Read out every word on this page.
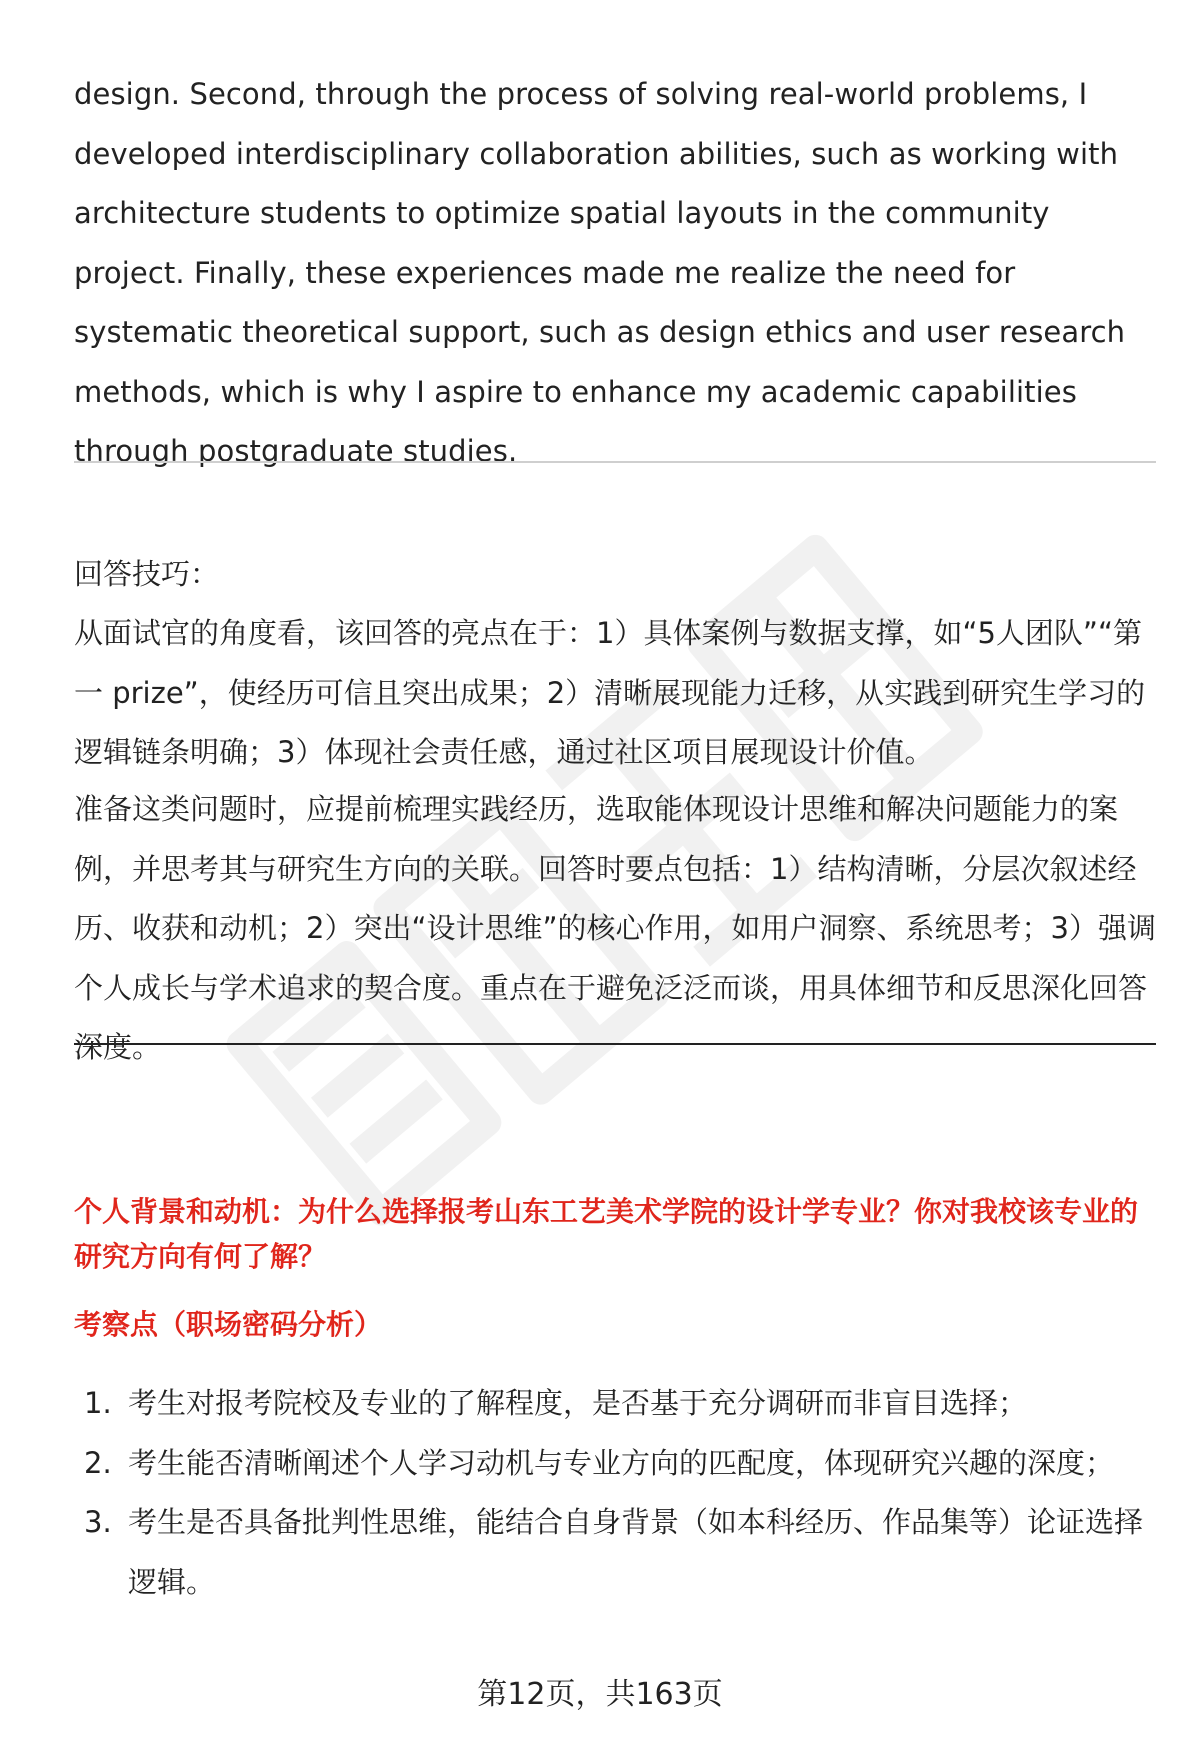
design. Second, through the process of solving real-world problems, I developed interdisciplinary collaboration abilities, such as working with architecture students to optimize spatial layouts in the community project. Finally, these experiences made me realize the need for systematic theoretical support, such as design ethics and user research methods, which is why I aspire to enhance my academic capabilities through postgraduate studies.

回答技巧：

从面试官的角度看，该回答的亮点在于：1）具体案例与数据支撑，如“5人团队”“第一 prize”，使经历可信且突出成果；2）清晰展现能力迁移，从实践到研究生学习的逻辑链条明确；3）体现社会责任感，通过社区项目展现设计价值。

准备这类问题时，应提前梳理实践经历，选取能体现设计思维和解决问题能力的案例，并思考其与研究生方向的关联。回答时要点包括：1）结构清晰，分层次叙述经历、收获和动机；2）突出“设计思维”的核心作用，如用户洞察、系统思考；3）强调个人成长与学术追求的契合度。重点在于避免泛泛而谈，用具体细节和反思深化回答深度。

个人背景和动机：为什么选择报考山东工艺美术学院的设计学专业？你对我校该专业的研究方向有何了解？
考察点（职场密码分析）
1. 考生对报考院校及专业的了解程度，是否基于充分调研而非盲目选择；
2. 考生能否清晰阐述个人学习动机与专业方向的匹配度，体现研究兴趣的深度；
3. 考生是否具备批判性思维，能结合自身背景（如本科经历、作品集等）论证选择逻辑。
第12页，共163页
